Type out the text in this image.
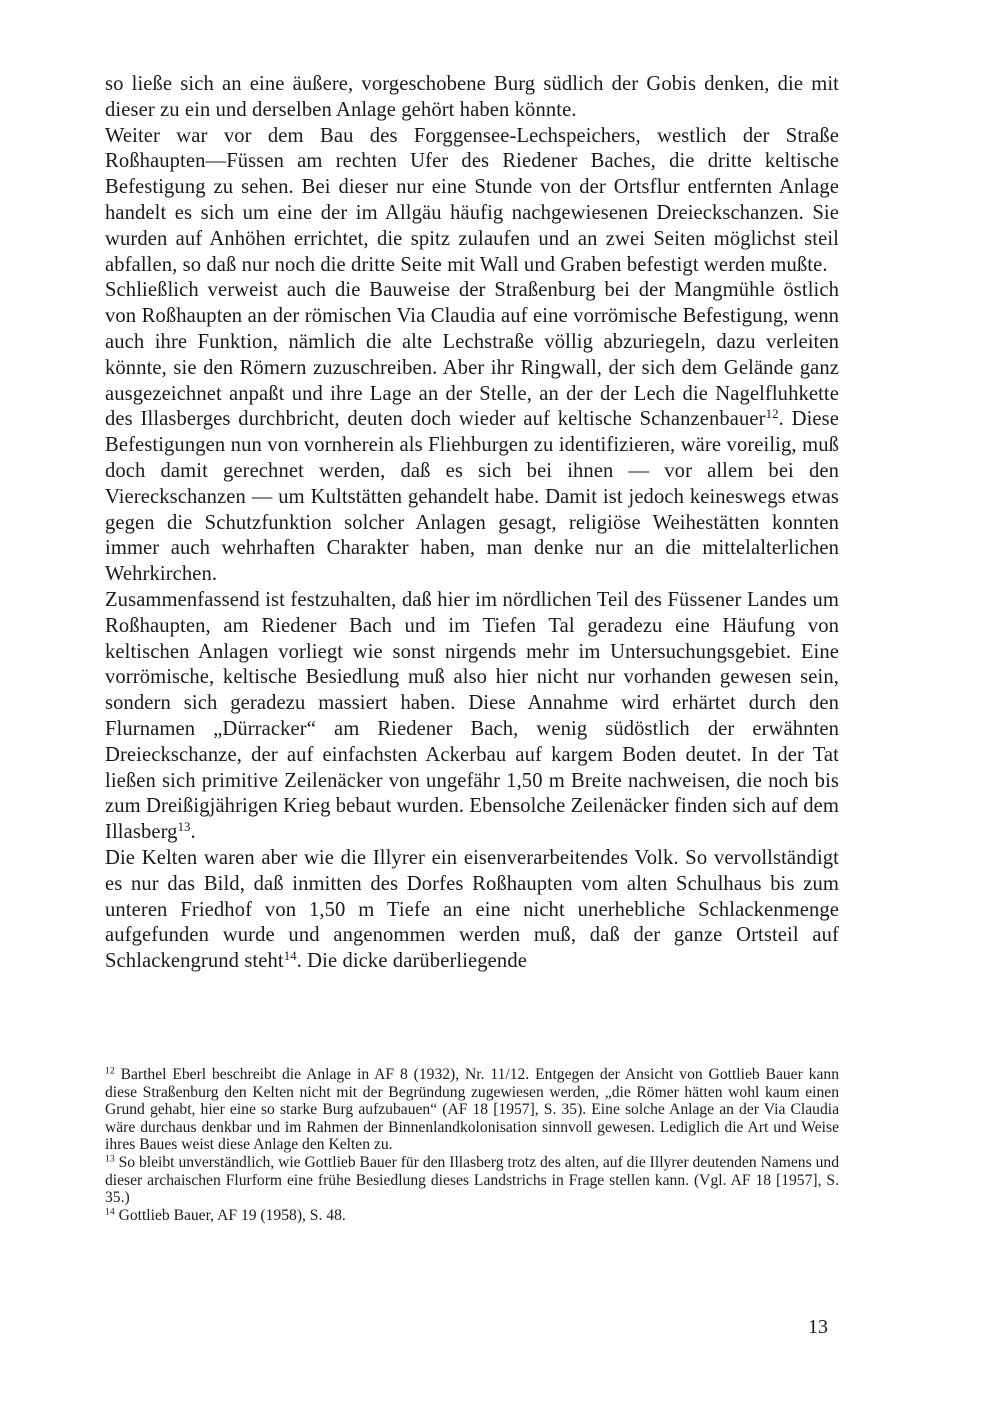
so ließe sich an eine äußere, vorgeschobene Burg südlich der Gobis denken, die mit dieser zu ein und derselben Anlage gehört haben könnte.

Weiter war vor dem Bau des Forggensee-Lechspeichers, westlich der Straße Roßhaupten—Füssen am rechten Ufer des Riedener Baches, die dritte keltische Befestigung zu sehen. Bei dieser nur eine Stunde von der Ortsflur entfernten Anlage handelt es sich um eine der im Allgäu häufig nachgewiesenen Dreieckschanzen. Sie wurden auf Anhöhen errichtet, die spitz zulaufen und an zwei Seiten möglichst steil abfallen, so daß nur noch die dritte Seite mit Wall und Graben befestigt werden mußte.

Schließlich verweist auch die Bauweise der Straßenburg bei der Mangmühle östlich von Roßhaupten an der römischen Via Claudia auf eine vorrömische Befestigung, wenn auch ihre Funktion, nämlich die alte Lechstraße völlig abzuriegeln, dazu verleiten könnte, sie den Römern zuzuschreiben. Aber ihr Ringwall, der sich dem Gelände ganz ausgezeichnet anpaßt und ihre Lage an der Stelle, an der der Lech die Nagelfluhkette des Illasberges durchbricht, deuten doch wieder auf keltische Schanzenbauer$^{12}$. Diese Befestigungen nun von vornherein als Fliehburgen zu identifizieren, wäre voreilig, muß doch damit gerechnet werden, daß es sich bei ihnen — vor allem bei den Viereckschanzen — um Kultstätten gehandelt habe. Damit ist jedoch keineswegs etwas gegen die Schutzfunktion solcher Anlagen gesagt, religiöse Weihestätten konnten immer auch wehrhaften Charakter haben, man denke nur an die mittelalterlichen Wehrkirchen.

Zusammenfassend ist festzuhalten, daß hier im nördlichen Teil des Füssener Landes um Roßhaupten, am Riedener Bach und im Tiefen Tal geradezu eine Häufung von keltischen Anlagen vorliegt wie sonst nirgends mehr im Untersuchungsgebiet. Eine vorrömische, keltische Besiedlung muß also hier nicht nur vorhanden gewesen sein, sondern sich geradezu massiert haben. Diese Annahme wird erhärtet durch den Flurnamen „Dürracker“ am Riedener Bach, wenig südöstlich der erwähnten Dreieckschanze, der auf einfachsten Ackerbau auf kargem Boden deutet. In der Tat ließen sich primitive Zeilenäcker von ungefähr 1,50 m Breite nachweisen, die noch bis zum Dreißigjährigen Krieg bebaut wurden. Ebensolche Zeilenäcker finden sich auf dem Illasberg$^{13}$.

Die Kelten waren aber wie die Illyrer ein eisenverarbeitendes Volk. So vervollständigt es nur das Bild, daß inmitten des Dorfes Roßhaupten vom alten Schulhaus bis zum unteren Friedhof von 1,50 m Tiefe an eine nicht unerhebliche Schlackenmenge aufgefunden wurde und angenommen werden muß, daß der ganze Ortsteil auf Schlackengrund steht$^{14}$. Die dicke darüberliegende

$^{12}$ Barthel Eberl beschreibt die Anlage in AF 8 (1932), Nr. 11/12. Entgegen der Ansicht von Gottlieb Bauer kann diese Straßenburg den Kelten nicht mit der Begründung zugewiesen werden, „die Römer hätten wohl kaum einen Grund gehabt, hier eine so starke Burg aufzubauen“ (AF 18 [1957], S. 35). Eine solche Anlage an der Via Claudia wäre durchaus denkbar und im Rahmen der Binnenlandkolonisation sinnvoll gewesen. Lediglich die Art und Weise ihres Baues weist diese Anlage den Kelten zu.

$^{13}$ So bleibt unverständlich, wie Gottlieb Bauer für den Illasberg trotz des alten, auf die Illyrer deutenden Namens und dieser archaischen Flurform eine frühe Besiedlung dieses Landstrichs in Frage stellen kann. (Vgl. AF 18 [1957], S. 35.)

$^{14}$ Gottlieb Bauer, AF 19 (1958), S. 48.

13
